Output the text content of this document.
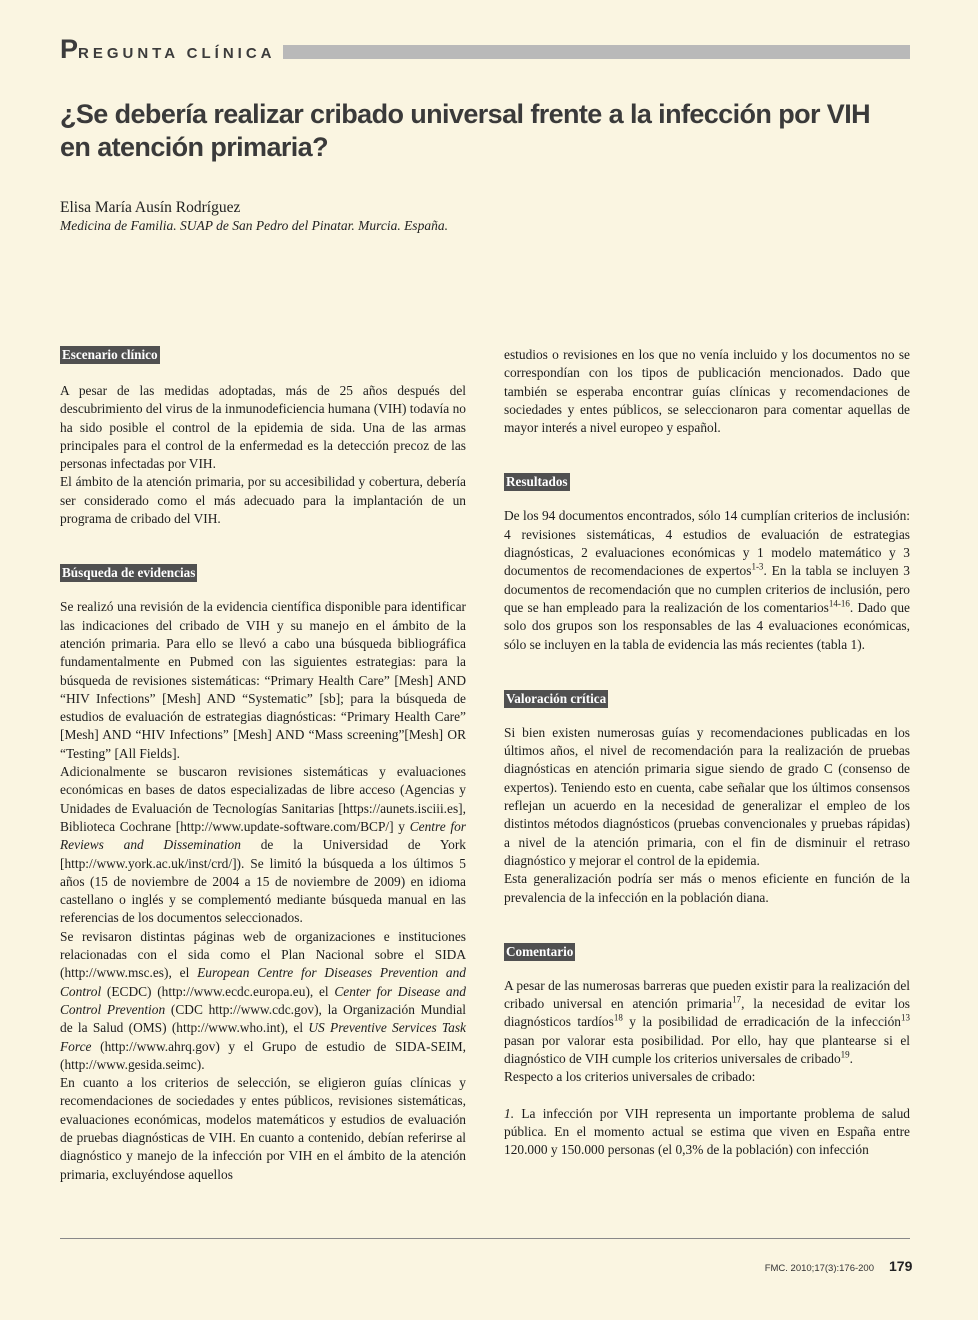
PREGUNTA CLÍNICA
¿Se debería realizar cribado universal frente a la infección por VIH en atención primaria?
Elisa María Ausín Rodríguez
Medicina de Familia. SUAP de San Pedro del Pinatar. Murcia. España.
Escenario clínico

A pesar de las medidas adoptadas, más de 25 años después del descubrimiento del virus de la inmunodeficiencia humana (VIH) todavía no ha sido posible el control de la epidemia de sida. Una de las armas principales para el control de la enfermedad es la detección precoz de las personas infectadas por VIH.

El ámbito de la atención primaria, por su accesibilidad y cobertura, debería ser considerado como el más adecuado para la implantación de un programa de cribado del VIH.

Búsqueda de evidencias

Se realizó una revisión de la evidencia científica disponible para identificar las indicaciones del cribado de VIH y su manejo en el ámbito de la atención primaria. Para ello se llevó a cabo una búsqueda bibliográfica fundamentalmente en Pubmed con las siguientes estrategias: para la búsqueda de revisiones sistemáticas: “Primary Health Care” [Mesh] AND “HIV Infections” [Mesh] AND “Systematic” [sb]; para la búsqueda de estudios de evaluación de estrategias diagnósticas: “Primary Health Care” [Mesh] AND “HIV Infections” [Mesh] AND “Mass screening”[Mesh] OR “Testing” [All Fields].

Adicionalmente se buscaron revisiones sistemáticas y evaluaciones económicas en bases de datos especializadas de libre acceso (Agencias y Unidades de Evaluación de Tecnologías Sanitarias [https://aunets.isciii.es], Biblioteca Cochrane [http://www.update-software.com/BCP/] y Centre for Reviews and Dissemination de la Universidad de York [http://www.york.ac.uk/inst/crd/]). Se limitó la búsqueda a los últimos 5 años (15 de noviembre de 2004 a 15 de noviembre de 2009) en idioma castellano o inglés y se complementó mediante búsqueda manual en las referencias de los documentos seleccionados.

Se revisaron distintas páginas web de organizaciones e instituciones relacionadas con el sida como el Plan Nacional sobre el SIDA (http://www.msc.es), el European Centre for Diseases Prevention and Control (ECDC) (http://www.ecdc.europa.eu), el Center for Disease and Control Prevention (CDC http://www.cdc.gov), la Organización Mundial de la Salud (OMS) (http://www.who.int), el US Preventive Services Task Force (http://www.ahrq.gov) y el Grupo de estudio de SIDA-SEIM, (http://www.gesida.seimc).

En cuanto a los criterios de selección, se eligieron guías clínicas y recomendaciones de sociedades y entes públicos, revisiones sistemáticas, evaluaciones económicas, modelos matemáticos y estudios de evaluación de pruebas diagnósticas de VIH. En cuanto a contenido, debían referirse al diagnóstico y manejo de la infección por VIH en el ámbito de la atención primaria, excluyéndose aquellos

estudios o revisiones en los que no venía incluido y los documentos no se correspondían con los tipos de publicación mencionados. Dado que también se esperaba encontrar guías clínicas y recomendaciones de sociedades y entes públicos, se seleccionaron para comentar aquellas de mayor interés a nivel europeo y español.

Resultados

De los 94 documentos encontrados, sólo 14 cumplían criterios de inclusión: 4 revisiones sistemáticas, 4 estudios de evaluación de estrategias diagnósticas, 2 evaluaciones económicas y 1 modelo matemático y 3 documentos de recomendaciones de expertos$^{1-3}$. En la tabla se incluyen 3 documentos de recomendación que no cumplen criterios de inclusión, pero que se han empleado para la realización de los comentarios$^{14-16}$. Dado que solo dos grupos son los responsables de las 4 evaluaciones económicas, sólo se incluyen en la tabla de evidencia las más recientes (tabla 1).

Valoración crítica

Si bien existen numerosas guías y recomendaciones publicadas en los últimos años, el nivel de recomendación para la realización de pruebas diagnósticas en atención primaria sigue siendo de grado C (consenso de expertos). Teniendo esto en cuenta, cabe señalar que los últimos consensos reflejan un acuerdo en la necesidad de generalizar el empleo de los distintos métodos diagnósticos (pruebas convencionales y pruebas rápidas) a nivel de la atención primaria, con el fin de disminuir el retraso diagnóstico y mejorar el control de la epidemia.

Esta generalización podría ser más o menos eficiente en función de la prevalencia de la infección en la población diana.

Comentario

A pesar de las numerosas barreras que pueden existir para la realización del cribado universal en atención primaria$^{17}$, la necesidad de evitar los diagnósticos tardíos$^{18}$ y la posibilidad de erradicación de la infección$^{13}$ pasan por valorar esta posibilidad. Por ello, hay que plantearse si el diagnóstico de VIH cumple los criterios universales de cribado$^{19}$.

Respecto a los criterios universales de cribado:

1. La infección por VIH representa un importante problema de salud pública. En el momento actual se estima que viven en España entre 120.000 y 150.000 personas (el 0,3% de la población) con infección

FMC. 2010;17(3):176-200 179
